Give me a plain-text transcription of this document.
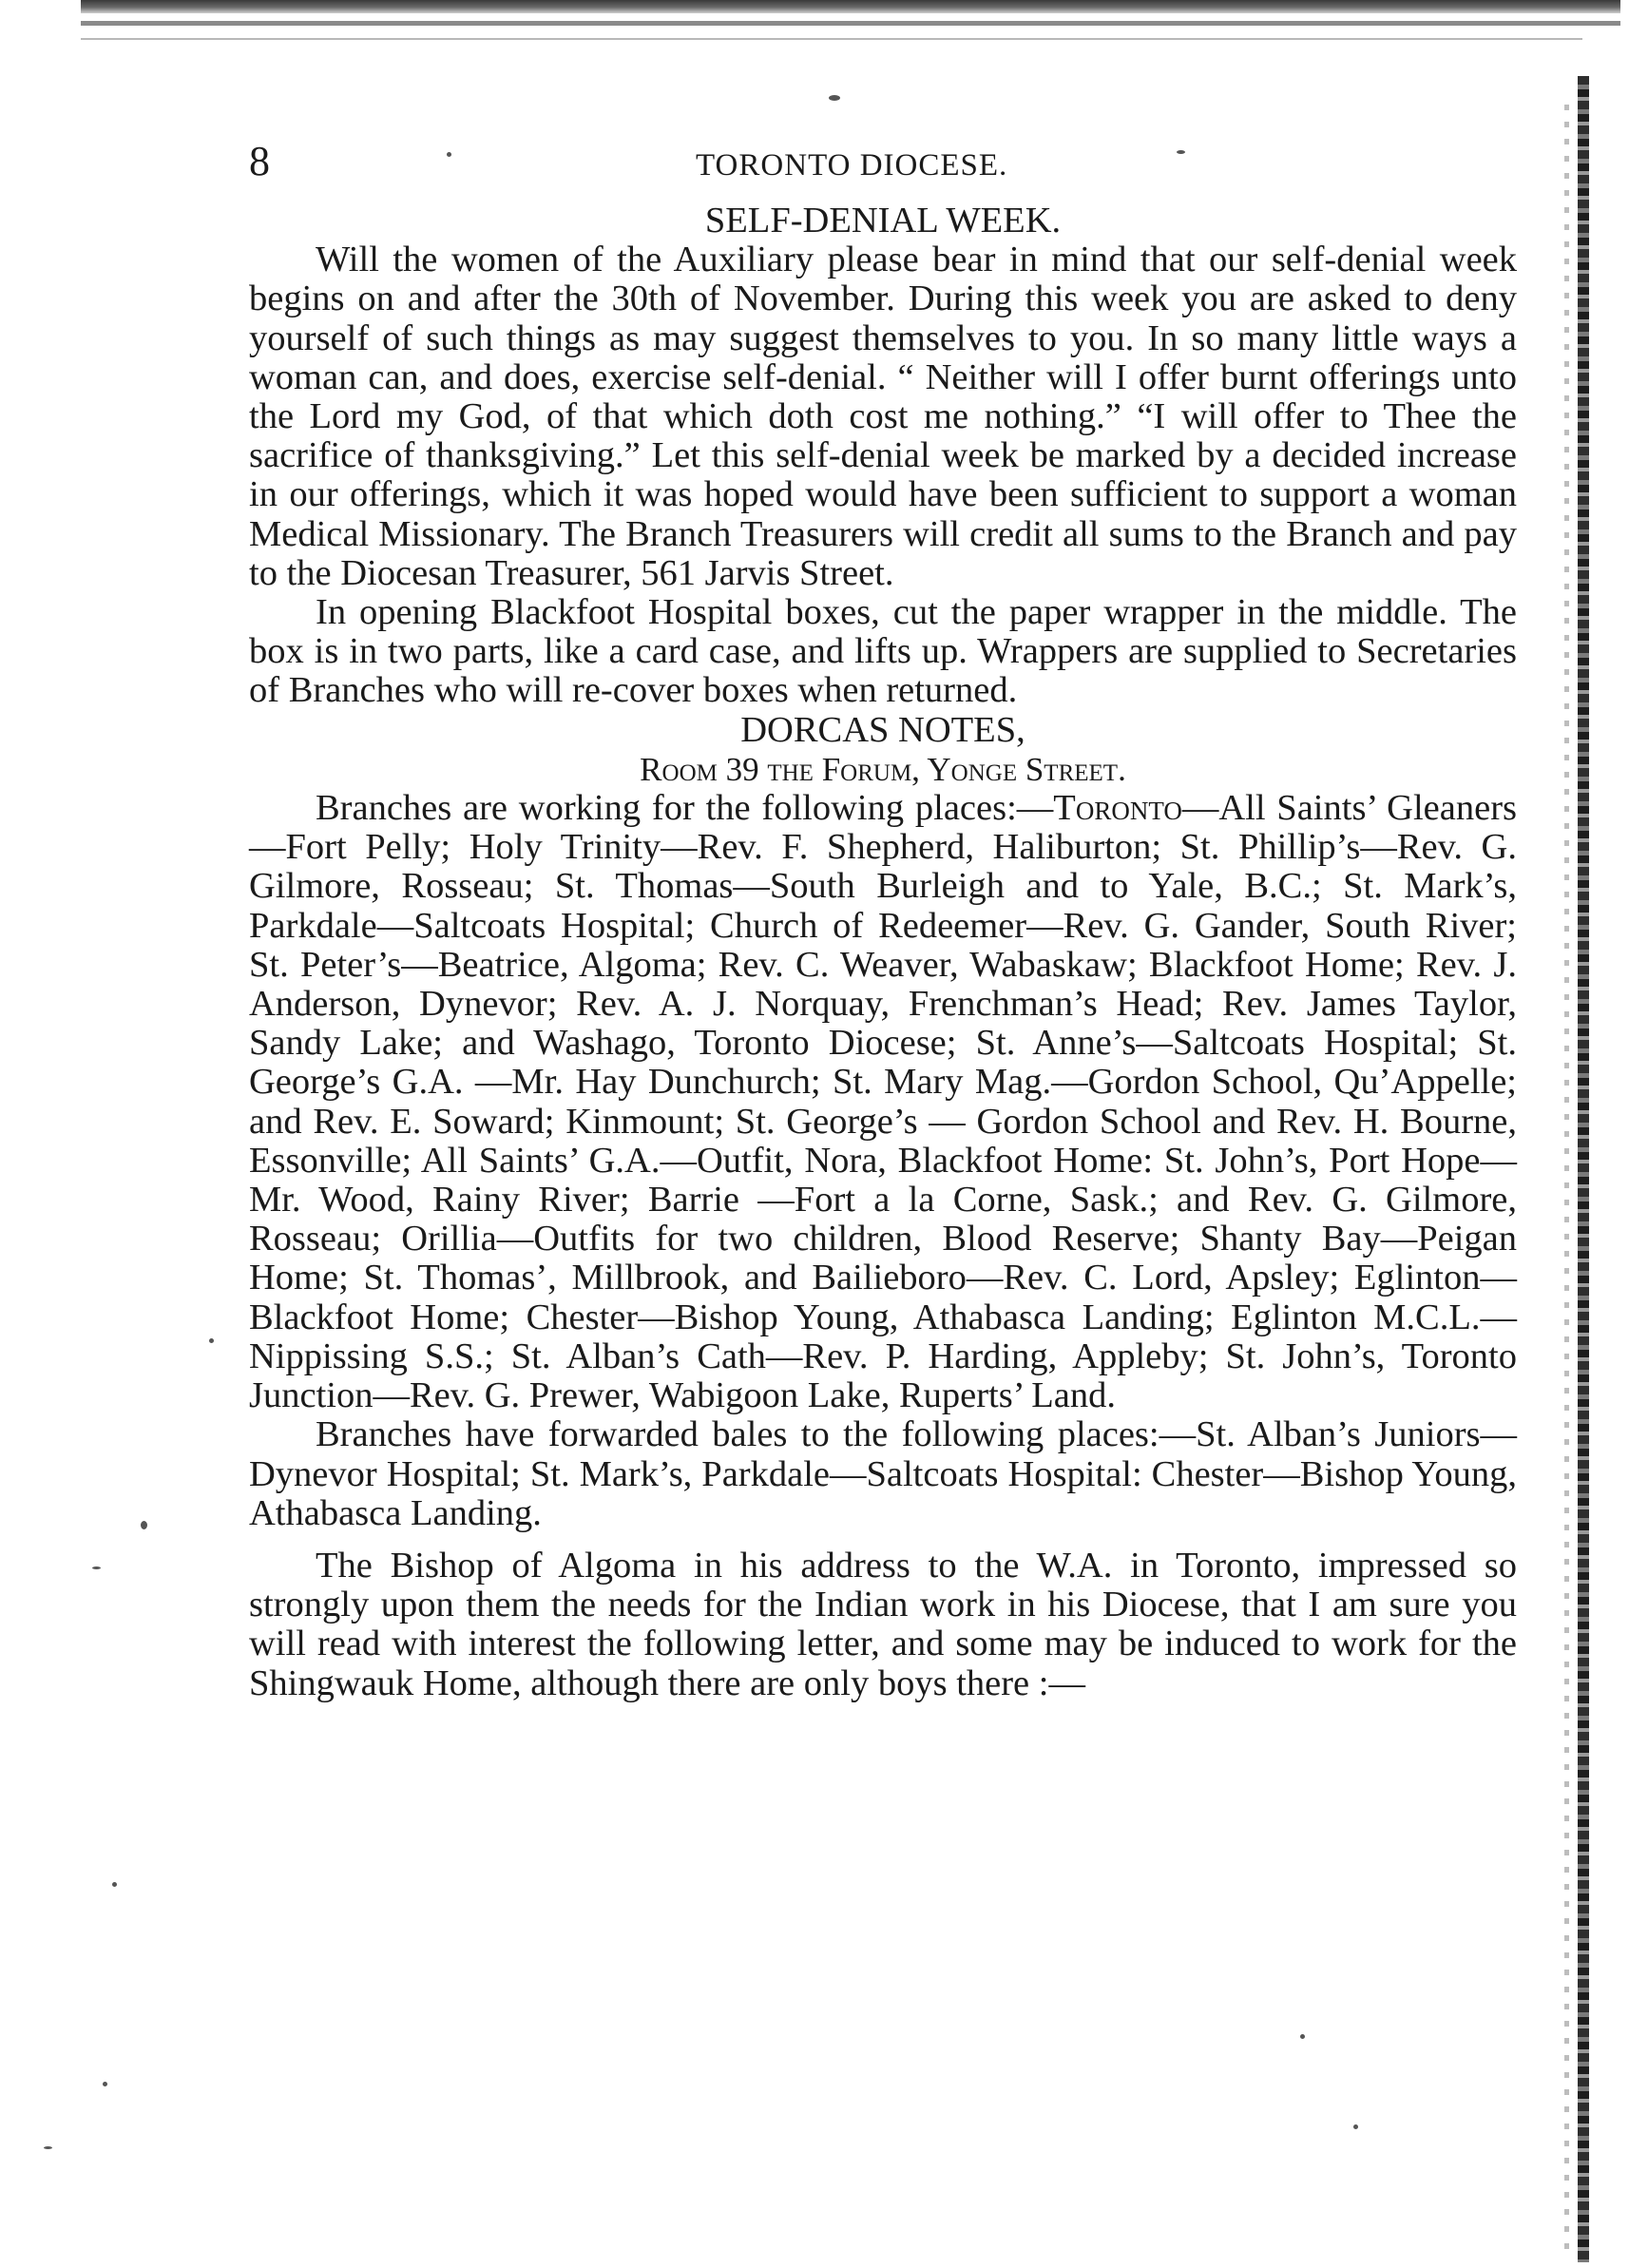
8	TORONTO DIOCESE.

SELF-DENIAL WEEK.

Will the women of the Auxiliary please bear in mind that our self-denial week begins on and after the 30th of November. During this week you are asked to deny yourself of such things as may suggest themselves to you. In so many little ways a woman can, and does, exercise self-denial. “ Neither will I offer burnt offerings unto the Lord my God, of that which doth cost me nothing.” “I will offer to Thee the sacrifice of thanksgiving.” Let this self-denial week be marked by a decided increase in our offerings, which it was hoped would have been sufficient to support a woman Medical Missionary. The Branch Treasurers will credit all sums to the Branch and pay to the Diocesan Treasurer, 561 Jarvis Street.

In opening Blackfoot Hospital boxes, cut the paper wrapper in the middle. The box is in two parts, like a card case, and lifts up. Wrappers are supplied to Secretaries of Branches who will re-cover boxes when returned.

DORCAS NOTES,

Room 39 the Forum, Yonge Street.

Branches are working for the following places:—Toronto—All Saints’ Gleaners—Fort Pelly; Holy Trinity—Rev. F. Shepherd, Haliburton; St. Phillip’s—Rev. G. Gilmore, Rosseau; St. Thomas—South Burleigh and to Yale, B.C.; St. Mark’s, Parkdale—Saltcoats Hospital; Church of Redeemer—Rev. G. Gander, South River; St. Peter’s—Beatrice, Algoma; Rev. C. Weaver, Wabaskaw; Blackfoot Home; Rev. J. Anderson, Dynevor; Rev. A. J. Norquay, Frenchman’s Head; Rev. James Taylor, Sandy Lake; and Washago, Toronto Diocese; St. Anne’s—Saltcoats Hospital; St. George’s G.A. —Mr. Hay Dunchurch; St. Mary Mag.—Gordon School, Qu’Appelle; and Rev. E. Soward; Kinmount; St. George’s — Gordon School and Rev. H. Bourne, Essonville; All Saints’ G.A.—Outfit, Nora, Blackfoot Home: St. John’s, Port Hope—Mr. Wood, Rainy River; Barrie —Fort a la Corne, Sask.; and Rev. G. Gilmore, Rosseau; Orillia—Outfits for two children, Blood Reserve; Shanty Bay—Peigan Home; St. Thomas’, Millbrook, and Bailieboro—Rev. C. Lord, Apsley; Eglinton—Blackfoot Home; Chester—Bishop Young, Athabasca Landing; Eglinton M.C.L.—Nippissing S.S.; St. Alban’s Cath—Rev. P. Harding, Appleby; St. John’s, Toronto Junction—Rev. G. Prewer, Wabigoon Lake, Ruperts’ Land.

Branches have forwarded bales to the following places:—St. Alban’s Juniors—Dynevor Hospital; St. Mark’s, Parkdale—Saltcoats Hospital: Chester—Bishop Young, Athabasca Landing.

The Bishop of Algoma in his address to the W.A. in Toronto, impressed so strongly upon them the needs for the Indian work in his Diocese, that I am sure you will read with interest the following letter, and some may be induced to work for the Shingwauk Home, although there are only boys there :—
